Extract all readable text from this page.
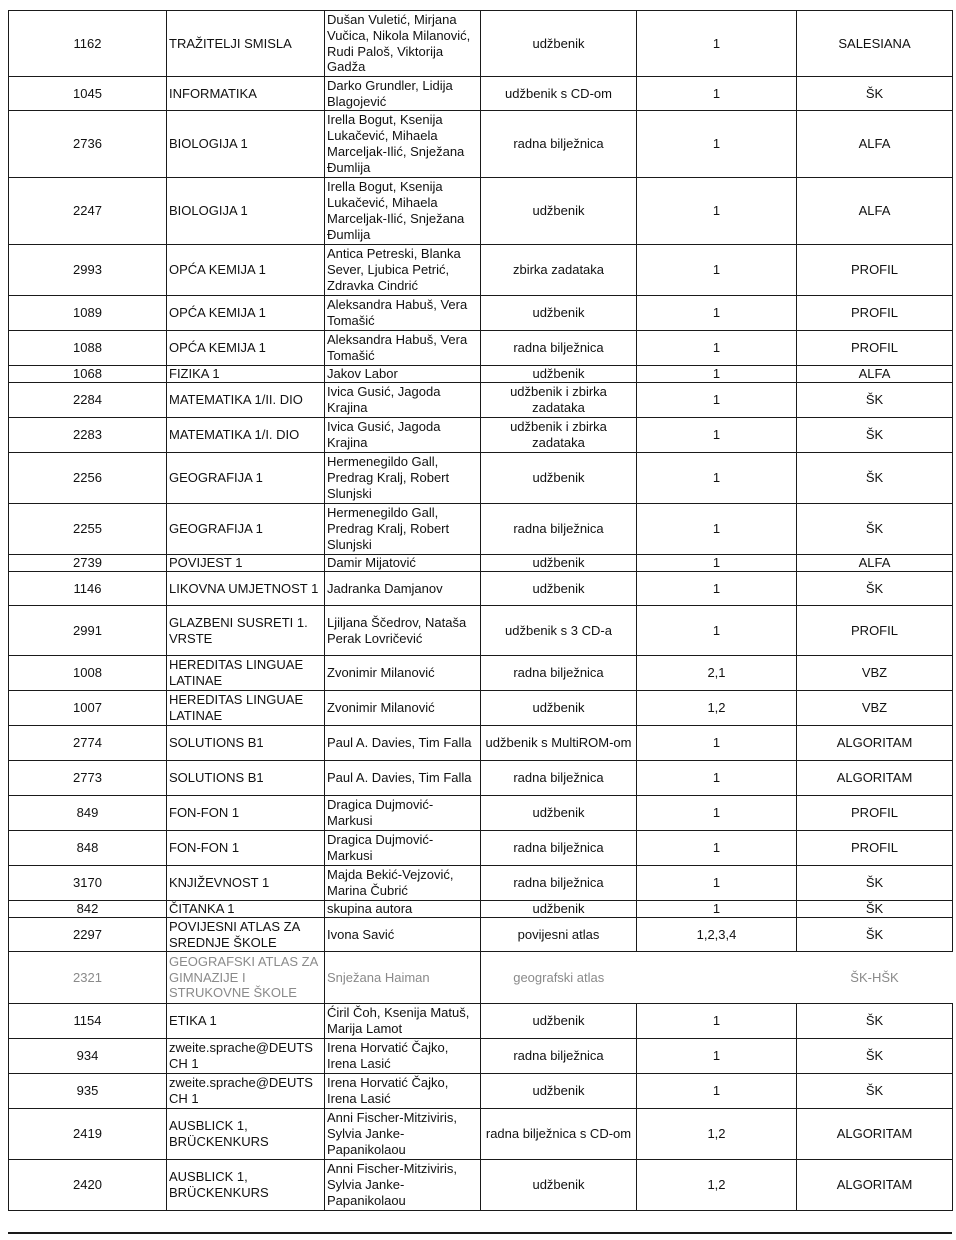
1162	TRAŽITELJI SMISLA	Dušan Vuletić, Mirjana Vučica, Nikola Milanović, Rudi Paloš, Viktorija Gadža	udžbenik	1	SALESIANA
1045	INFORMATIKA	Darko Grundler, Lidija Blagojević	udžbenik s CD-om	1	ŠK
2736	BIOLOGIJA 1	Irella Bogut, Ksenija Lukačević, Mihaela Marceljak-Ilić, Snježana Đumlija	radna bilježnica	1	ALFA
2247	BIOLOGIJA 1	Irella Bogut, Ksenija Lukačević, Mihaela Marceljak-Ilić, Snježana Đumlija	udžbenik	1	ALFA
2993	OPĆA KEMIJA 1	Antica Petreski, Blanka Sever, Ljubica Petrić, Zdravka Cindrić	zbirka zadataka	1	PROFIL
1089	OPĆA KEMIJA 1	Aleksandra Habuš, Vera Tomašić	udžbenik	1	PROFIL
1088	OPĆA KEMIJA 1	Aleksandra Habuš, Vera Tomašić	radna bilježnica	1	PROFIL
1068	FIZIKA 1	Jakov Labor	udžbenik	1	ALFA
2284	MATEMATIKA 1/II. DIO	Ivica Gusić, Jagoda Krajina	udžbenik i zbirka zadataka	1	ŠK
2283	MATEMATIKA 1/I. DIO	Ivica Gusić, Jagoda Krajina	udžbenik i zbirka zadataka	1	ŠK
2256	GEOGRAFIJA 1	Hermenegildo Gall, Predrag Kralj, Robert Slunjski	udžbenik	1	ŠK
2255	GEOGRAFIJA 1	Hermenegildo Gall, Predrag Kralj, Robert Slunjski	radna bilježnica	1	ŠK
2739	POVIJEST 1	Damir Mijatović	udžbenik	1	ALFA
1146	LIKOVNA UMJETNOST 1	Jadranka Damjanov	udžbenik	1	ŠK
2991	GLAZBENI SUSRETI 1. VRSTE	Ljiljana Ščedrov, Nataša Perak Lovričević	udžbenik s 3 CD-a	1	PROFIL
1008	HEREDITAS LINGUAE LATINAE	Zvonimir Milanović	radna bilježnica	2,1	VBZ
1007	HEREDITAS LINGUAE LATINAE	Zvonimir Milanović	udžbenik	1,2	VBZ
2774	SOLUTIONS B1	Paul A. Davies, Tim Falla	udžbenik s MultiROM-om	1	ALGORITAM
2773	SOLUTIONS B1	Paul A. Davies, Tim Falla	radna bilježnica	1	ALGORITAM
849	FON-FON 1	Dragica Dujmović-Markusi	udžbenik	1	PROFIL
848	FON-FON 1	Dragica Dujmović-Markusi	radna bilježnica	1	PROFIL
3170	KNJIŽEVNOST 1	Majda Bekić-Vejzović, Marina Čubrić	radna bilježnica	1	ŠK
842	ČITANKA 1	skupina autora	udžbenik	1	ŠK
2297	POVIJESNI ATLAS ZA SREDNJE ŠKOLE	Ivona Savić	povijesni atlas	1,2,3,4	ŠK
2321	GEOGRAFSKI ATLAS ZA GIMNAZIJE I STRUKOVNE ŠKOLE	Snježana Haiman	geografski atlas		ŠK-HŠK
1154	ETIKA 1	Ćiril Čoh, Ksenija Matuš, Marija Lamot	udžbenik	1	ŠK
934	zweite.sprache@DEUTSCH 1	Irena Horvatić Čajko, Irena Lasić	radna bilježnica	1	ŠK
935	zweite.sprache@DEUTSCH 1	Irena Horvatić Čajko, Irena Lasić	udžbenik	1	ŠK
2419	AUSBLICK 1, BRÜCKENKURS	Anni Fischer-Mitziviris, Sylvia Janke-Papanikolaou	radna bilježnica s CD-om	1,2	ALGORITAM
2420	AUSBLICK 1, BRÜCKENKURS	Anni Fischer-Mitziviris, Sylvia Janke-Papanikolaou	udžbenik	1,2	ALGORITAM
